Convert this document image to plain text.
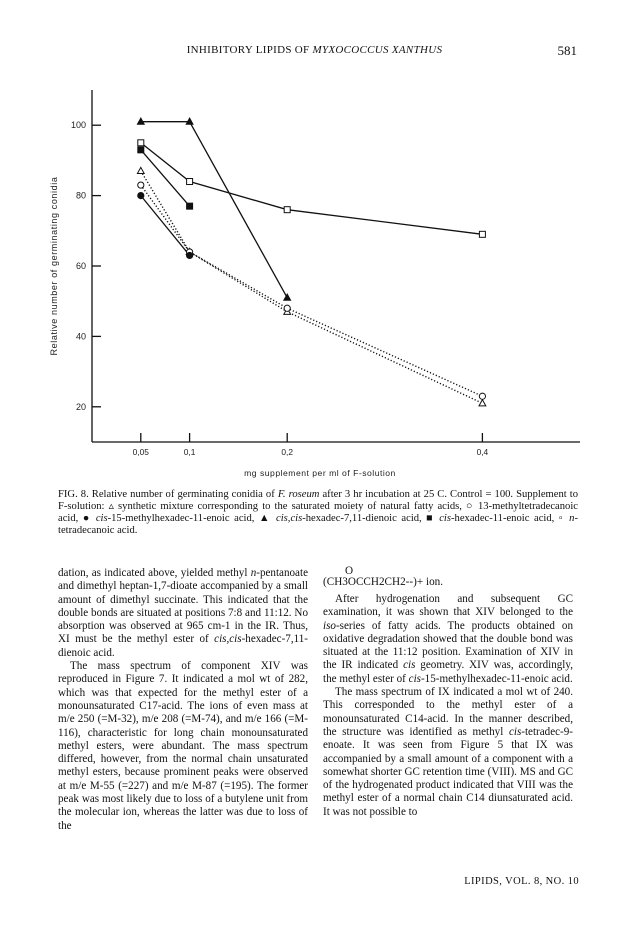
INHIBITORY LIPIDS OF MYXOCOCCUS XANTHUS	581
20
40
60
80
100
0,05	0,1	0,2	0,4
Relative number of germinating conidia
mg supplement per ml of F-solution
FIG. 8. Relative number of germinating conidia of F. roseum after 3 hr incubation at 25 C. Control = 100. Supplement to F-solution: ▵ synthetic mixture corresponding to the saturated moiety of natural fatty acids, ○ 13-methyltetradecanoic acid, ● cis-15-methylhexadec-11-enoic acid, ▲ cis,cis-hexadec-7,11-dienoic acid, ■ cis-hexadec-11-enoic acid, ▫ n-tetradecanoic acid.

dation, as indicated above, yielded methyl n-pentanoate and dimethyl heptan-1,7-dioate accompanied by a small amount of dimethyl succinate. This indicated that the double bonds are situated at positions 7:8 and 11:12. No absorption was observed at 965 cm-1 in the IR. Thus, XI must be the methyl ester of cis,cis-hexadec-7,11-dienoic acid.

The mass spectrum of component XIV was reproduced in Figure 7. It indicated a mol wt of 282, which was that expected for the methyl ester of a monounsaturated C17-acid. The ions of even mass at m/e 250 (=M-32), m/e 208 (=M-74), and m/e 166 (=M-116), characteristic for long chain monounsaturated methyl esters, were abundant. The mass spectrum differed, however, from the normal chain unsaturated methyl esters, because prominent peaks were observed at m/e M-55 (=227) and m/e M-87 (=195). The former peak was most likely due to loss of a butylene unit from the molecular ion, whereas the latter was due to loss of the

O
(CH3OCCH2CH2--)+ ion.

After hydrogenation and subsequent GC examination, it was shown that XIV belonged to the iso-series of fatty acids. The products obtained on oxidative degradation showed that the double bond was situated at the 11:12 position. Examination of XIV in the IR indicated cis geometry. XIV was, accordingly, the methyl ester of cis-15-methylhexadec-11-enoic acid.

The mass spectrum of IX indicated a mol wt of 240. This corresponded to the methyl ester of a monounsaturated C14-acid. In the manner described, the structure was identified as methyl cis-tetradec-9-enoate. It was seen from Figure 5 that IX was accompanied by a small amount of a component with a somewhat shorter GC retention time (VIII). MS and GC of the hydrogenated product indicated that VIII was the methyl ester of a normal chain C14 diunsaturated acid. It was not possible to

LIPIDS, VOL. 8, NO. 10
